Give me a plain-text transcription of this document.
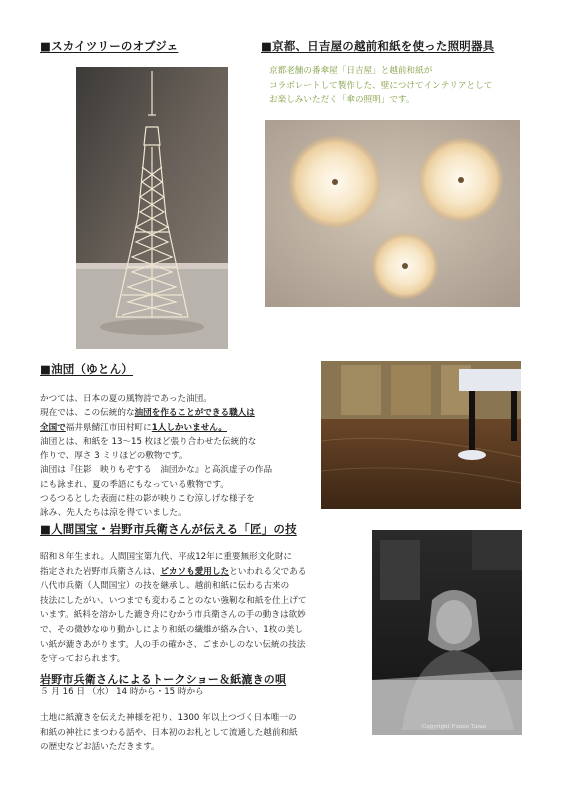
■スカイツリーのオブジェ	■京都、日吉屋の越前和紙を使った照明器具

京都老舗の番傘屋「日吉屋」と越前和紙が

コラボレートして製作した、壁につけてインテリアとして

お楽しみいただく「傘の照明」です。

■油団（ゆとん）

かつては、日本の夏の風物詩であった油団。

現在では、この伝統的な油団を作ることができる職人は

全国で福井県鯖江市田村町に1人しかいません。

油団とは、和紙を 13～15 枚ほど張り合わせた伝統的な

作りで、厚さ 3 ミリほどの敷物です。

油団は『住影　映りもぞする　油団かな』と高浜虚子の作品

にも詠まれ、夏の季語にもなっている敷物です。

つるつるとした表面に柱の影が映りこむ涼しげな様子を

詠み、先人たちは涼を得ていました。

■人間国宝・岩野市兵衛さんが伝える「匠」の技

昭和８年生まれ。人間国宝第九代、平成12年に重要無形文化財に

指定された岩野市兵衛さんは、ピカソも愛用したといわれる父である

八代市兵衛（人間国宝）の技を継承し、越前和紙に伝わる古来の

技法にしたがい、いつまでも変わることのない強靭な和紙を仕上げて

います。紙料を溶かした漉き舟にむかう市兵衛さんの手の動きは欲妙

で、その微妙なゆり動かしにより和紙の繊維が絡み合い、1枚の美し

い紙が漉きあがります。人の手の確かさ、ごまかしのない伝統の技法

を守っておられます。

Copyright Fumio Tanai
岩野市兵衛さんによるトークショー＆紙漉きの唄
５ 月 16 日 （水） 14 時から・15 時から

土地に紙漉きを伝えた神様を祀り、1300 年以上つづく日本唯一の

和紙の神社にまつわる話や、日本初のお札として流通した越前和紙

の歴史などお話いただきます。
